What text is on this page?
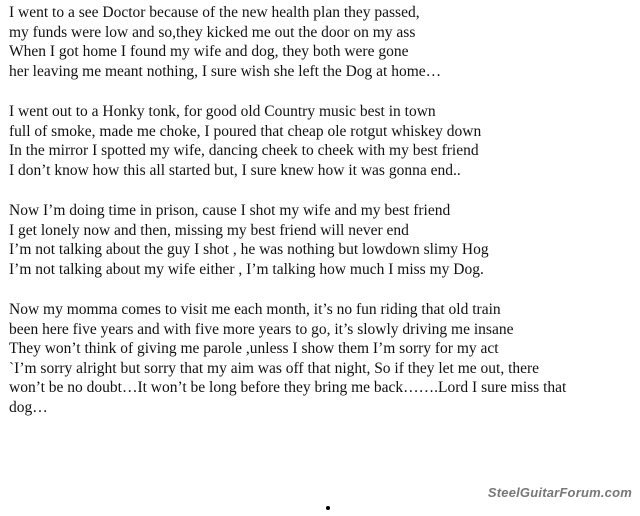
I went to a see Doctor because of the new health plan they passed,
my funds were low and so,they kicked me out the door on my ass
When I got home I found my wife and dog, they both were gone
her leaving me meant nothing, I sure wish she left the Dog at home…
I went out to a Honky tonk, for good old Country music best in town
full of smoke, made me choke, I poured that cheap ole rotgut whiskey down
In the mirror I spotted my wife, dancing cheek to cheek with my best friend
I don’t know how this all started but, I sure knew how it was gonna end..
Now I’m doing time in prison, cause I shot my wife and my best friend
I get lonely now and then, missing my best friend will never end
I’m not talking about the guy I shot , he was nothing but lowdown slimy Hog
I’m not talking about my wife either , I’m talking how much I miss my Dog.
Now my momma comes to visit me each month, it’s no fun riding that old train
been here five years and with five more years to go, it’s slowly driving me insane
They won’t think of giving me parole ,unless I show them I’m sorry for my act
`I’m sorry alright but sorry that my aim was off that night, So if they let me out, there
won’t be no doubt…It won’t be long before they bring me back…….Lord I sure miss that
dog…
SteelGuitarForum.com
